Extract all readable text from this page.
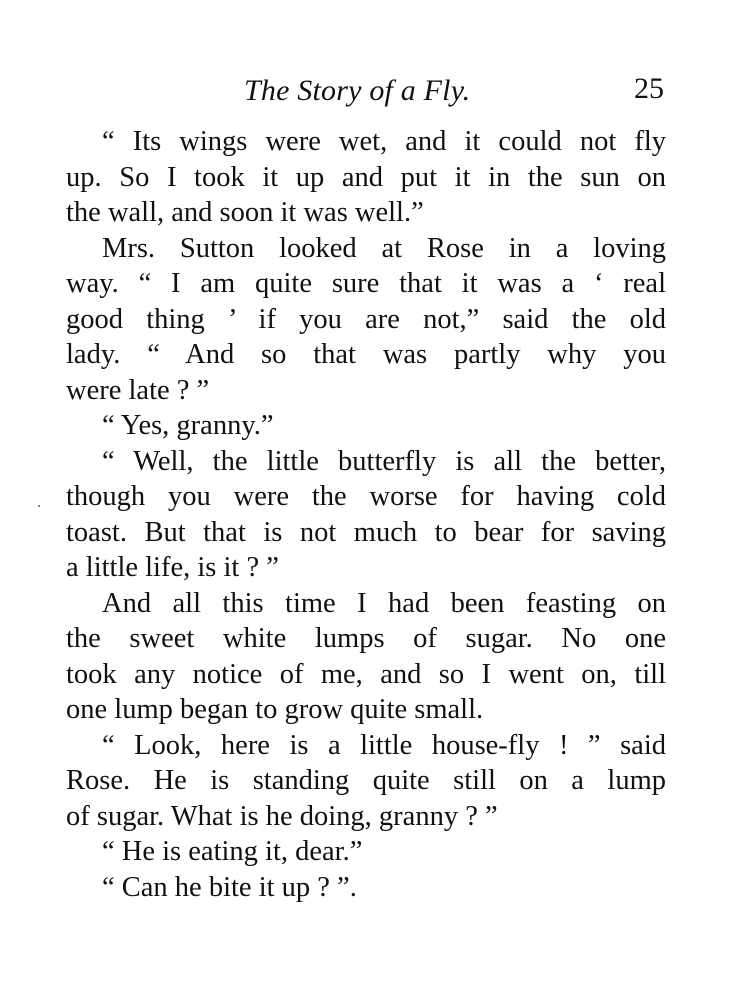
The Story of a Fly.	25
“ Its wings were wet, and it could not fly
up. So I took it up and put it in the sun on
the wall, and soon it was well.”
Mrs. Sutton looked at Rose in a loving
way. “ I am quite sure that it was a ‘ real
good thing ’ if you are not,” said the old
lady. “ And so that was partly why you
were late ? ”
“ Yes, granny.”
“ Well, the little butterfly is all the better,
though you were the worse for having cold
toast. But that is not much to bear for saving
a little life, is it ? ”
And all this time I had been feasting on
the sweet white lumps of sugar. No one
took any notice of me, and so I went on, till
one lump began to grow quite small.
“ Look, here is a little house-fly ! ” said
Rose. He is standing quite still on a lump
of sugar. What is he doing, granny ? ”
“ He is eating it, dear.”
“ Can he bite it up ? ”.
